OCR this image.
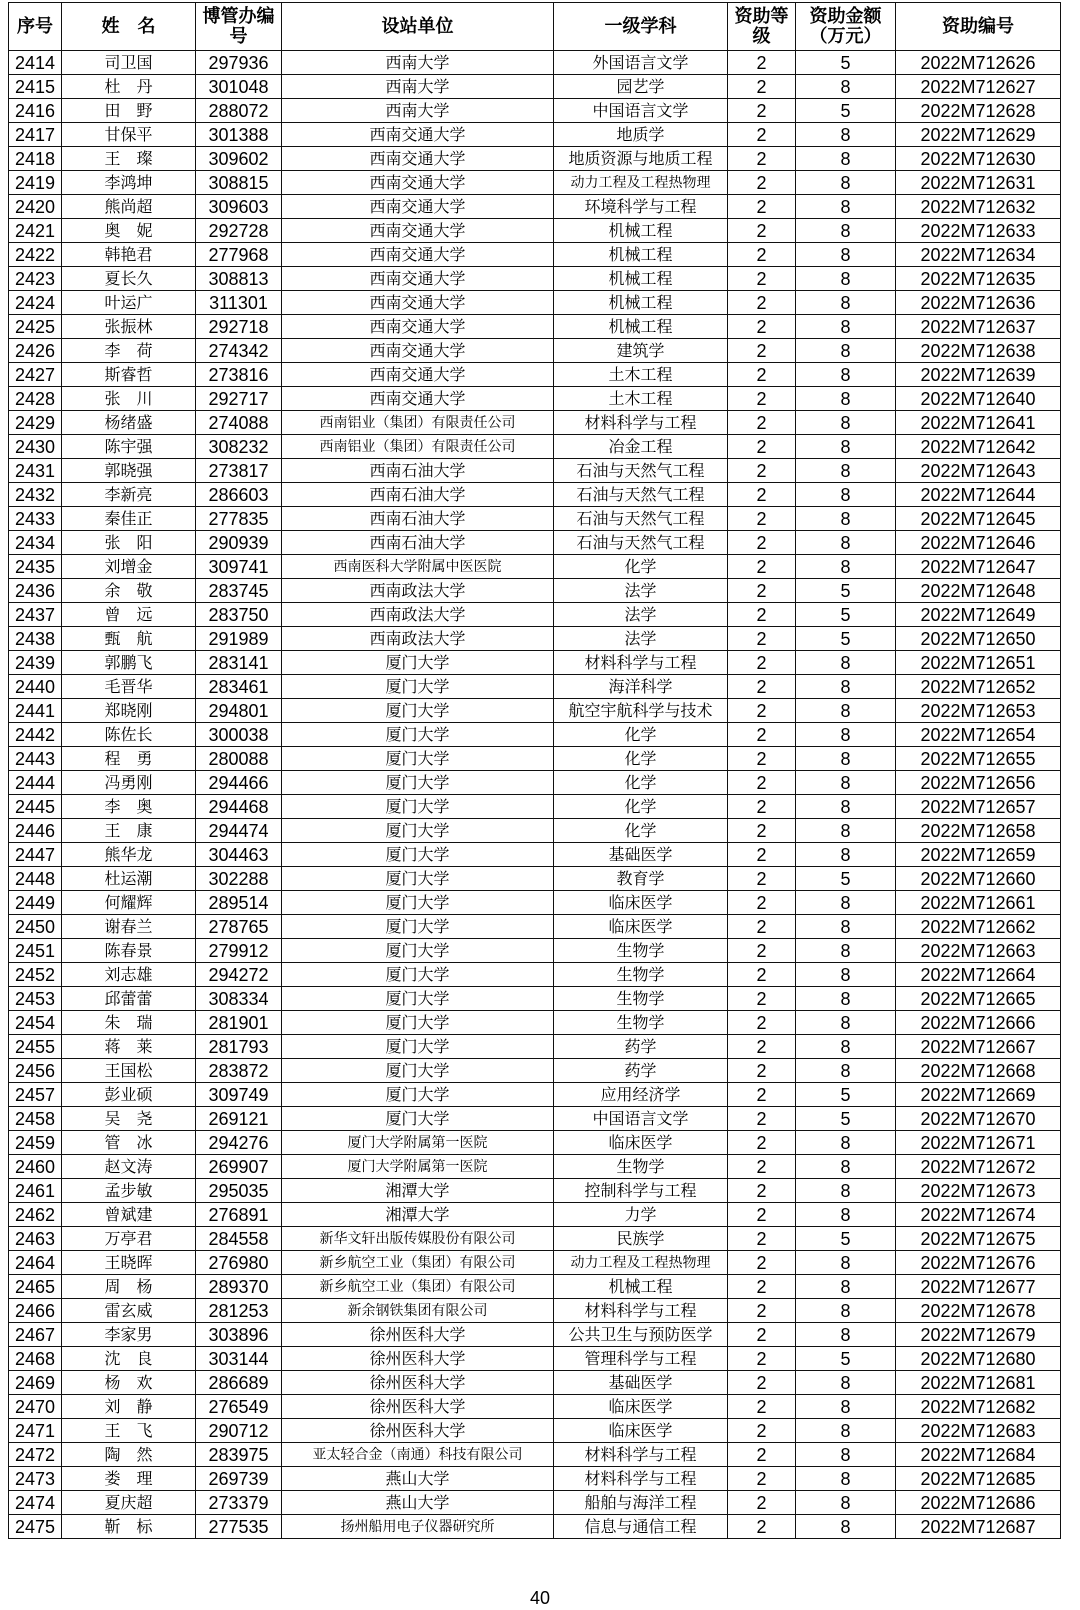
序号	姓　名	博管办编　号	设站单位	一级学科	资助等级	资助金额（万元）	资助编号
2414	司卫国	297936	西南大学	外国语言文学	2	5	2022M712626
2415	杜　丹	301048	西南大学	园艺学	2	8	2022M712627
2416	田　野	288072	西南大学	中国语言文学	2	5	2022M712628
2417	甘保平	301388	西南交通大学	地质学	2	8	2022M712629
2418	王　璨	309602	西南交通大学	地质资源与地质工程	2	8	2022M712630
2419	李鸿坤	308815	西南交通大学	动力工程及工程热物理	2	8	2022M712631
2420	熊尚超	309603	西南交通大学	环境科学与工程	2	8	2022M712632
2421	奥　妮	292728	西南交通大学	机械工程	2	8	2022M712633
2422	韩艳君	277968	西南交通大学	机械工程	2	8	2022M712634
2423	夏长久	308813	西南交通大学	机械工程	2	8	2022M712635
2424	叶运广	311301	西南交通大学	机械工程	2	8	2022M712636
2425	张振林	292718	西南交通大学	机械工程	2	8	2022M712637
2426	李　荷	274342	西南交通大学	建筑学	2	8	2022M712638
2427	斯睿哲	273816	西南交通大学	土木工程	2	8	2022M712639
2428	张　川	292717	西南交通大学	土木工程	2	8	2022M712640
2429	杨绪盛	274088	西南铝业（集团）有限责任公司	材料科学与工程	2	8	2022M712641
2430	陈宇强	308232	西南铝业（集团）有限责任公司	冶金工程	2	8	2022M712642
2431	郭晓强	273817	西南石油大学	石油与天然气工程	2	8	2022M712643
2432	李新亮	286603	西南石油大学	石油与天然气工程	2	8	2022M712644
2433	秦佳正	277835	西南石油大学	石油与天然气工程	2	8	2022M712645
2434	张　阳	290939	西南石油大学	石油与天然气工程	2	8	2022M712646
2435	刘增金	309741	西南医科大学附属中医医院	化学	2	8	2022M712647
2436	余　敬	283745	西南政法大学	法学	2	5	2022M712648
2437	曾　远	283750	西南政法大学	法学	2	5	2022M712649
2438	甄　航	291989	西南政法大学	法学	2	5	2022M712650
2439	郭鹏飞	283141	厦门大学	材料科学与工程	2	8	2022M712651
2440	毛晋华	283461	厦门大学	海洋科学	2	8	2022M712652
2441	郑晓刚	294801	厦门大学	航空宇航科学与技术	2	8	2022M712653
2442	陈佐长	300038	厦门大学	化学	2	8	2022M712654
2443	程　勇	280088	厦门大学	化学	2	8	2022M712655
2444	冯勇刚	294466	厦门大学	化学	2	8	2022M712656
2445	李　奥	294468	厦门大学	化学	2	8	2022M712657
2446	王　康	294474	厦门大学	化学	2	8	2022M712658
2447	熊华龙	304463	厦门大学	基础医学	2	8	2022M712659
2448	杜运潮	302288	厦门大学	教育学	2	5	2022M712660
2449	何耀辉	289514	厦门大学	临床医学	2	8	2022M712661
2450	谢春兰	278765	厦门大学	临床医学	2	8	2022M712662
2451	陈春景	279912	厦门大学	生物学	2	8	2022M712663
2452	刘志雄	294272	厦门大学	生物学	2	8	2022M712664
2453	邱蕾蕾	308334	厦门大学	生物学	2	8	2022M712665
2454	朱　瑞	281901	厦门大学	生物学	2	8	2022M712666
2455	蒋　莱	281793	厦门大学	药学	2	8	2022M712667
2456	王国松	283872	厦门大学	药学	2	8	2022M712668
2457	彭业硕	309749	厦门大学	应用经济学	2	5	2022M712669
2458	吴　尧	269121	厦门大学	中国语言文学	2	5	2022M712670
2459	管　冰	294276	厦门大学附属第一医院	临床医学	2	8	2022M712671
2460	赵文涛	269907	厦门大学附属第一医院	生物学	2	8	2022M712672
2461	孟步敏	295035	湘潭大学	控制科学与工程	2	8	2022M712673
2462	曾斌建	276891	湘潭大学	力学	2	8	2022M712674
2463	万亭君	284558	新华文轩出版传媒股份有限公司	民族学	2	5	2022M712675
2464	王晓晖	276980	新乡航空工业（集团）有限公司	动力工程及工程热物理	2	8	2022M712676
2465	周　杨	289370	新乡航空工业（集团）有限公司	机械工程	2	8	2022M712677
2466	雷玄威	281253	新余钢铁集团有限公司	材料科学与工程	2	8	2022M712678
2467	李家男	303896	徐州医科大学	公共卫生与预防医学	2	8	2022M712679
2468	沈　良	303144	徐州医科大学	管理科学与工程	2	5	2022M712680
2469	杨　欢	286689	徐州医科大学	基础医学	2	8	2022M712681
2470	刘　静	276549	徐州医科大学	临床医学	2	8	2022M712682
2471	王　飞	290712	徐州医科大学	临床医学	2	8	2022M712683
2472	陶　然	283975	亚太轻合金（南通）科技有限公司	材料科学与工程	2	8	2022M712684
2473	娄　理	269739	燕山大学	材料科学与工程	2	8	2022M712685
2474	夏庆超	273379	燕山大学	船舶与海洋工程	2	8	2022M712686
2475	靳　标	277535	扬州船用电子仪器研究所	信息与通信工程	2	8	2022M712687
40
